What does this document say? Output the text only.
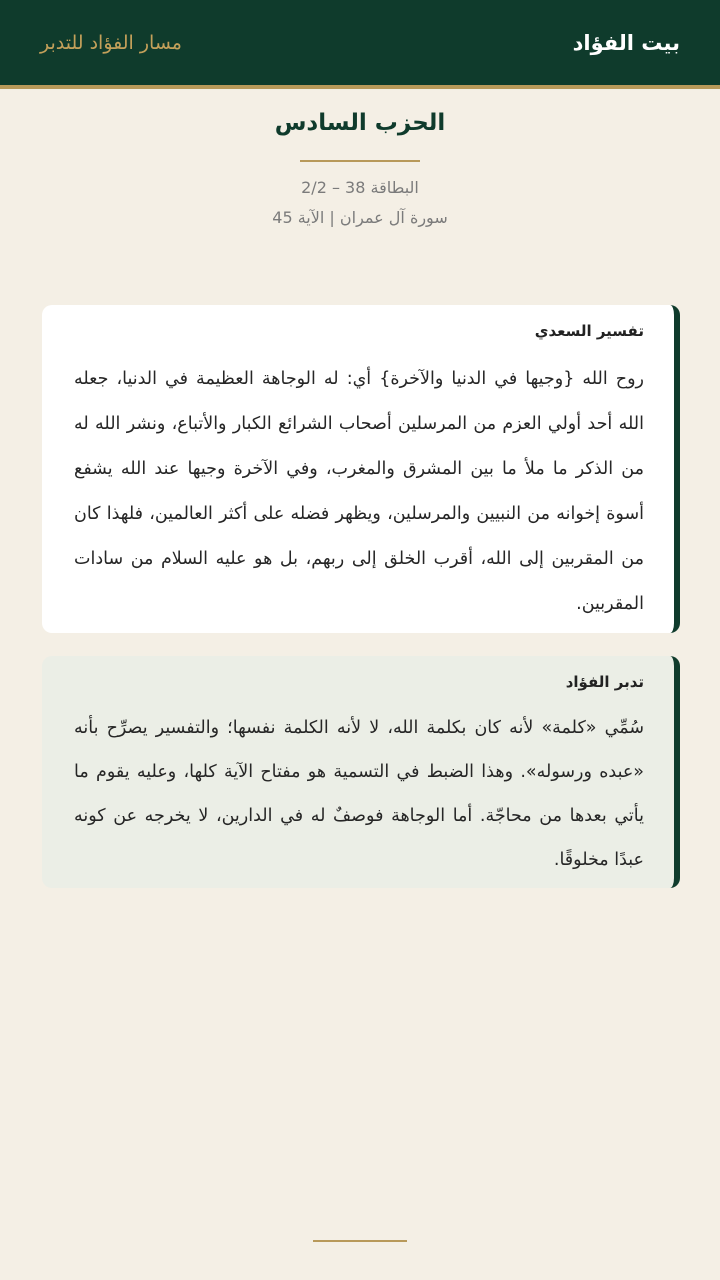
بيت الفؤاد
مسار الفؤاد للتدبر
الحزب السادس
البطاقة 38 – 2/2
سورة آل عمران | الآية 45
تفسير السعدي
روح الله {وجيها في الدنيا والآخرة} أي: له الوجاهة العظيمة في الدنيا، جعله الله أحد أولي العزم من المرسلين أصحاب الشرائع الكبار والأتباع، ونشر الله له من الذكر ما ملأ ما بين المشرق والمغرب، وفي الآخرة وجيها عند الله يشفع أسوة إخوانه من النبيين والمرسلين، ويظهر فضله على أكثر العالمين، فلهذا كان من المقربين إلى الله، أقرب الخلق إلى ربهم، بل هو عليه السلام من سادات المقربين.
تدبر الفؤاد
سُمِّي «كلمة» لأنه كان بكلمة الله، لا لأنه الكلمة نفسها؛ والتفسير يصرِّح بأنه «عبده ورسوله». وهذا الضبط في التسمية هو مفتاح الآية كلها، وعليه يقوم ما يأتي بعدها من محاجّة. أما الوجاهة فوصفٌ له في الدارين، لا يخرجه عن كونه عبدًا مخلوقًا.
